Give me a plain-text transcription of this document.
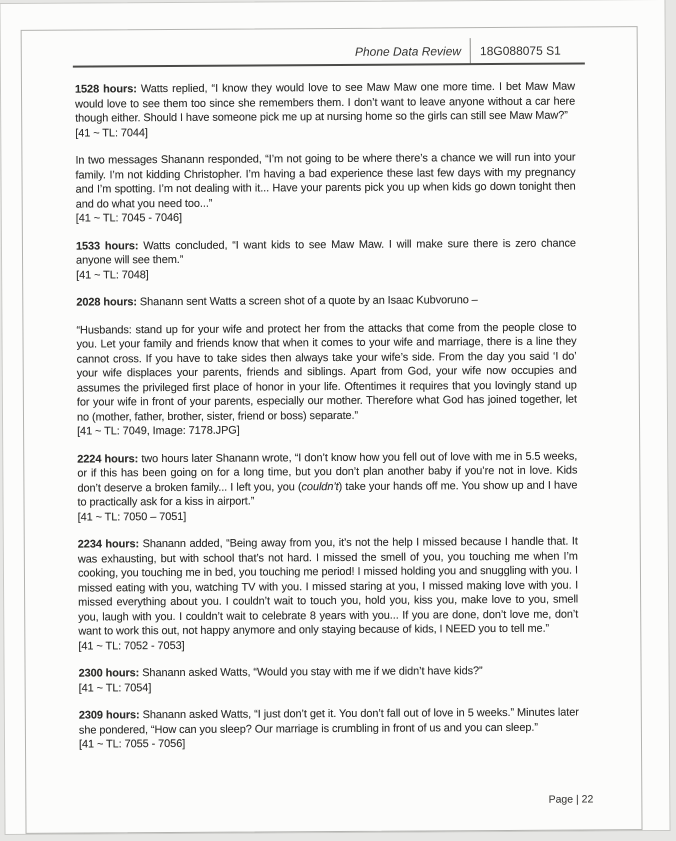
Phone Data Review 18G088075 S1
1528 hours: Watts replied, “I know they would love to see Maw Maw one more time. I bet Maw Maw would love to see them too since she remembers them. I don’t want to leave anyone without a car here though either. Should I have someone pick me up at nursing home so the girls can still see Maw Maw?”
[41 ~ TL: 7044]
In two messages Shanann responded, “I’m not going to be where there’s a chance we will run into your family. I’m not kidding Christopher. I’m having a bad experience these last few days with my pregnancy and I’m spotting. I’m not dealing with it... Have your parents pick you up when kids go down tonight then and do what you need too...”
[41 ~ TL: 7045 - 7046]
1533 hours: Watts concluded, “I want kids to see Maw Maw. I will make sure there is zero chance anyone will see them.”
[41 ~ TL: 7048]
2028 hours: Shanann sent Watts a screen shot of a quote by an Isaac Kubvoruno –
“Husbands: stand up for your wife and protect her from the attacks that come from the people close to you. Let your family and friends know that when it comes to your wife and marriage, there is a line they cannot cross. If you have to take sides then always take your wife’s side. From the day you said ‘I do’ your wife displaces your parents, friends and siblings. Apart from God, your wife now occupies and assumes the privileged first place of honor in your life. Oftentimes it requires that you lovingly stand up for your wife in front of your parents, especially our mother. Therefore what God has joined together, let no (mother, father, brother, sister, friend or boss) separate.”
[41 ~ TL: 7049, Image: 7178.JPG]
2224 hours: two hours later Shanann wrote, “I don’t know how you fell out of love with me in 5.5 weeks, or if this has been going on for a long time, but you don’t plan another baby if you’re not in love. Kids don’t deserve a broken family... I left you, you (couldn’t) take your hands off me. You show up and I have to practically ask for a kiss in airport.”
[41 ~ TL: 7050 – 7051]
2234 hours: Shanann added, “Being away from you, it’s not the help I missed because I handle that. It was exhausting, but with school that’s not hard. I missed the smell of you, you touching me when I’m cooking, you touching me in bed, you touching me period! I missed holding you and snuggling with you. I missed eating with you, watching TV with you. I missed staring at you, I missed making love with you. I missed everything about you. I couldn’t wait to touch you, hold you, kiss you, make love to you, smell you, laugh with you. I couldn’t wait to celebrate 8 years with you... If you are done, don’t love me, don’t want to work this out, not happy anymore and only staying because of kids, I NEED you to tell me.”
[41 ~ TL: 7052 - 7053]
2300 hours: Shanann asked Watts, “Would you stay with me if we didn’t have kids?”
[41 ~ TL: 7054]
2309 hours: Shanann asked Watts, “I just don’t get it. You don’t fall out of love in 5 weeks.” Minutes later she pondered, “How can you sleep? Our marriage is crumbling in front of us and you can sleep.”
[41 ~ TL: 7055 - 7056]
Page | 22
